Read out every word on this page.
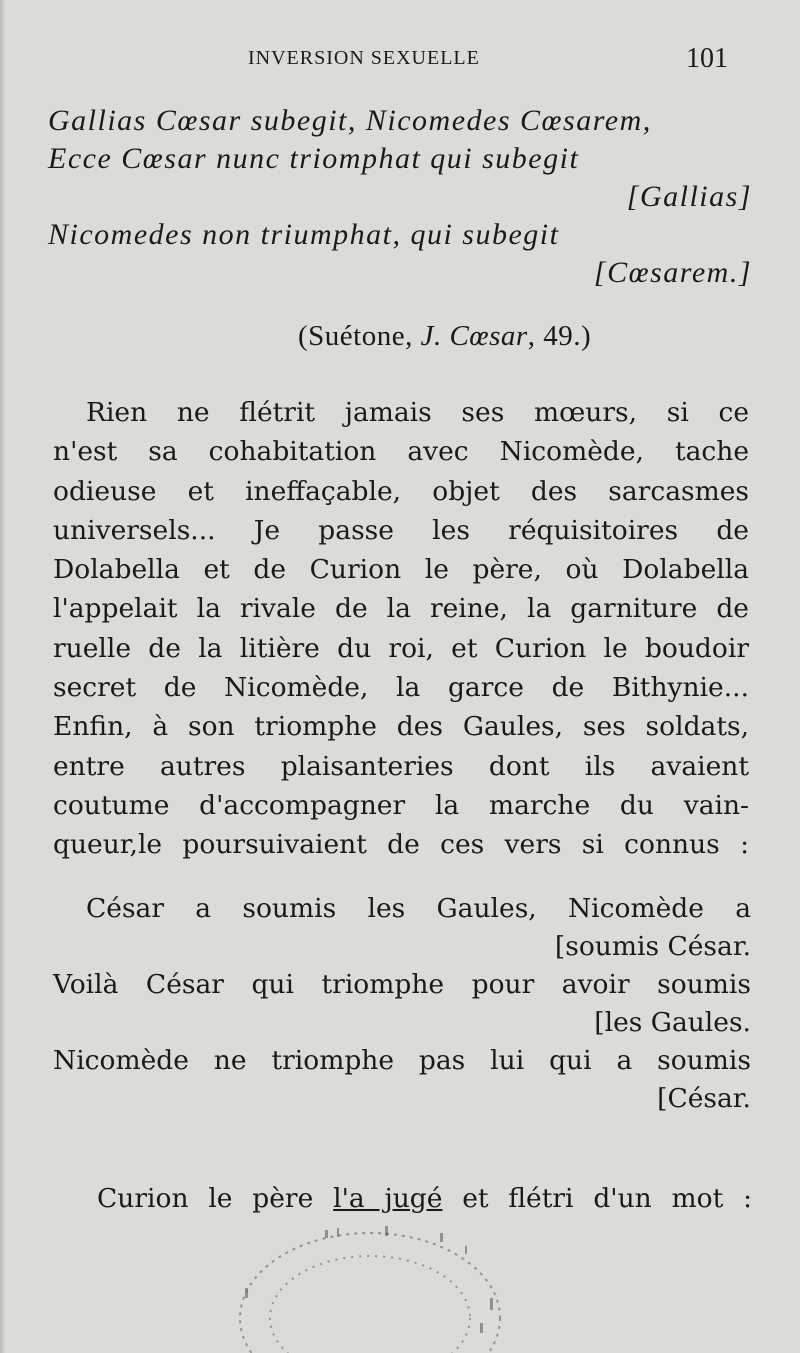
INVERSION SEXUELLE	101
Gallias Cœsar subegit, Nicomedes Cœsarem,
Ecce Cœsar nunc triomphat qui subegit
[Gallias]
Nicomedes non triumphat, qui subegit
[Cœsarem.]
(Suétone, J. Cœsar, 49.)
Rien ne flétrit jamais ses mœurs, si ce
n'est sa cohabitation avec Nicomède, tache
odieuse et ineffaçable, objet des sarcasmes
universels... Je passe les réquisitoires de
Dolabella et de Curion le père, où Dolabella
l'appelait la rivale de la reine, la garniture de
ruelle de la litière du roi, et Curion le boudoir
secret de Nicomède, la garce de Bithynie...
Enfin, à son triomphe des Gaules, ses soldats,
entre autres plaisanteries dont ils avaient
coutume d'accompagner la marche du vain-
queur,le poursuivaient de ces vers si connus :
César a soumis les Gaules, Nicomède a
[soumis César.
Voilà César qui triomphe pour avoir soumis
[les Gaules.
Nicomède ne triomphe pas lui qui a soumis
[César.
Curion le père l'a jugé et flétri d'un mot :
